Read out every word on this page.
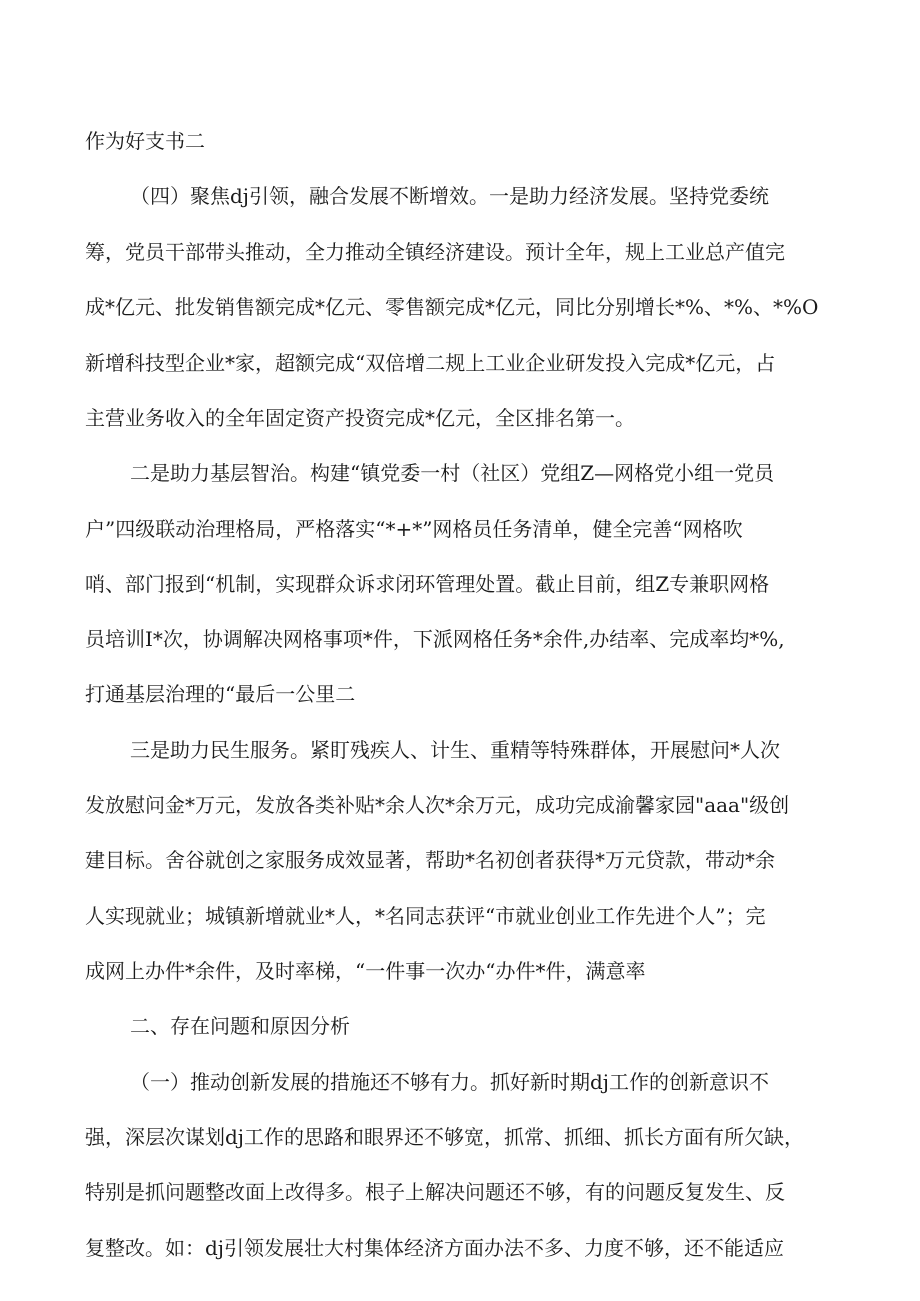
作为好支书二

（四）聚焦dj引领，融合发展不断增效。一是助力经济发展。坚持党委统

筹，党员干部带头推动，全力推动全镇经济建设。预计全年，规上工业总产值完

成*亿元、批发销售额完成*亿元、零售额完成*亿元，同比分别增长*%、*%、*%O

新增科技型企业*家，超额完成“双倍增二规上工业企业研发投入完成*亿元，占

主营业务收入的全年固定资产投资完成*亿元，全区排名第一。

二是助力基层智治。构建“镇党委一村（社区）党组Z—网格党小组一党员

户”四级联动治理格局，严格落实“*+*”网格员任务清单，健全完善“网格吹

哨、部门报到“机制，实现群众诉求闭环管理处置。截止目前，组Z专兼职网格

员培训I*次，协调解决网格事项*件，下派网格任务*余件,办结率、完成率均*%,

打通基层治理的“最后一公里二

三是助力民生服务。紧盯残疾人、计生、重精等特殊群体，开展慰问*人次

发放慰问金*万元，发放各类补贴*余人次*余万元，成功完成渝馨家园"aaa"级创

建目标。舍谷就创之家服务成效显著，帮助*名初创者获得*万元贷款，带动*余

人实现就业；城镇新增就业*人，*名同志获评“市就业创业工作先进个人”；完

成网上办件*余件，及时率梯，“一件事一次办“办件*件，满意率

二、存在问题和原因分析

（一）推动创新发展的措施还不够有力。抓好新时期dj工作的创新意识不

强，深层次谋划dj工作的思路和眼界还不够宽，抓常、抓细、抓长方面有所欠缺，

特别是抓问题整改面上改得多。根子上解决问题还不够，有的问题反复发生、反

复整改。如：dj引领发展壮大村集体经济方面办法不多、力度不够，还不能适应
